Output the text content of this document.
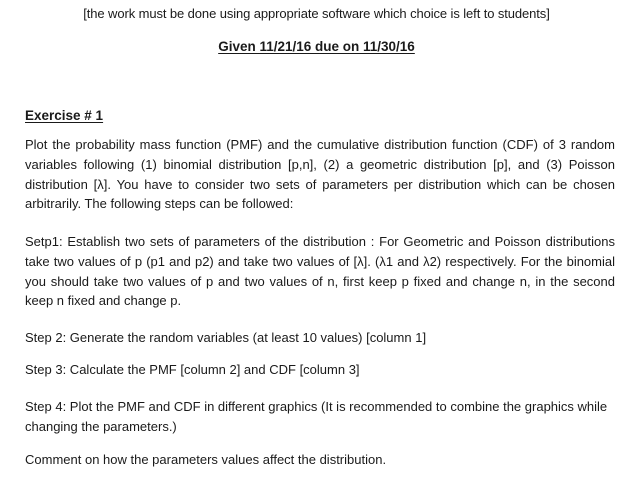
[the work must be done using appropriate software which choice is left to students]
Given 11/21/16 due on 11/30/16
Exercise # 1

Plot the probability mass function (PMF) and the cumulative distribution function (CDF) of 3 random variables following (1) binomial distribution [p,n], (2) a geometric distribution [p], and (3) Poisson distribution [λ]. You have to consider two sets of parameters per distribution which can be chosen arbitrarily. The following steps can be followed:

Setp1: Establish two sets of parameters of the distribution : For Geometric and Poisson distributions take two values of p (p1 and p2) and take two values of [λ]. (λ1 and λ2) respectively. For the binomial you should take two values of p and two values of n, first keep p fixed and change n, in the second keep n fixed and change p.

Step 2: Generate the random variables (at least 10 values) [column 1]

Step 3: Calculate the PMF [column 2] and CDF [column 3]

Step 4: Plot the PMF and CDF in different graphics (It is recommended to combine the graphics while changing the parameters.)

Comment on how the parameters values affect the distribution.
